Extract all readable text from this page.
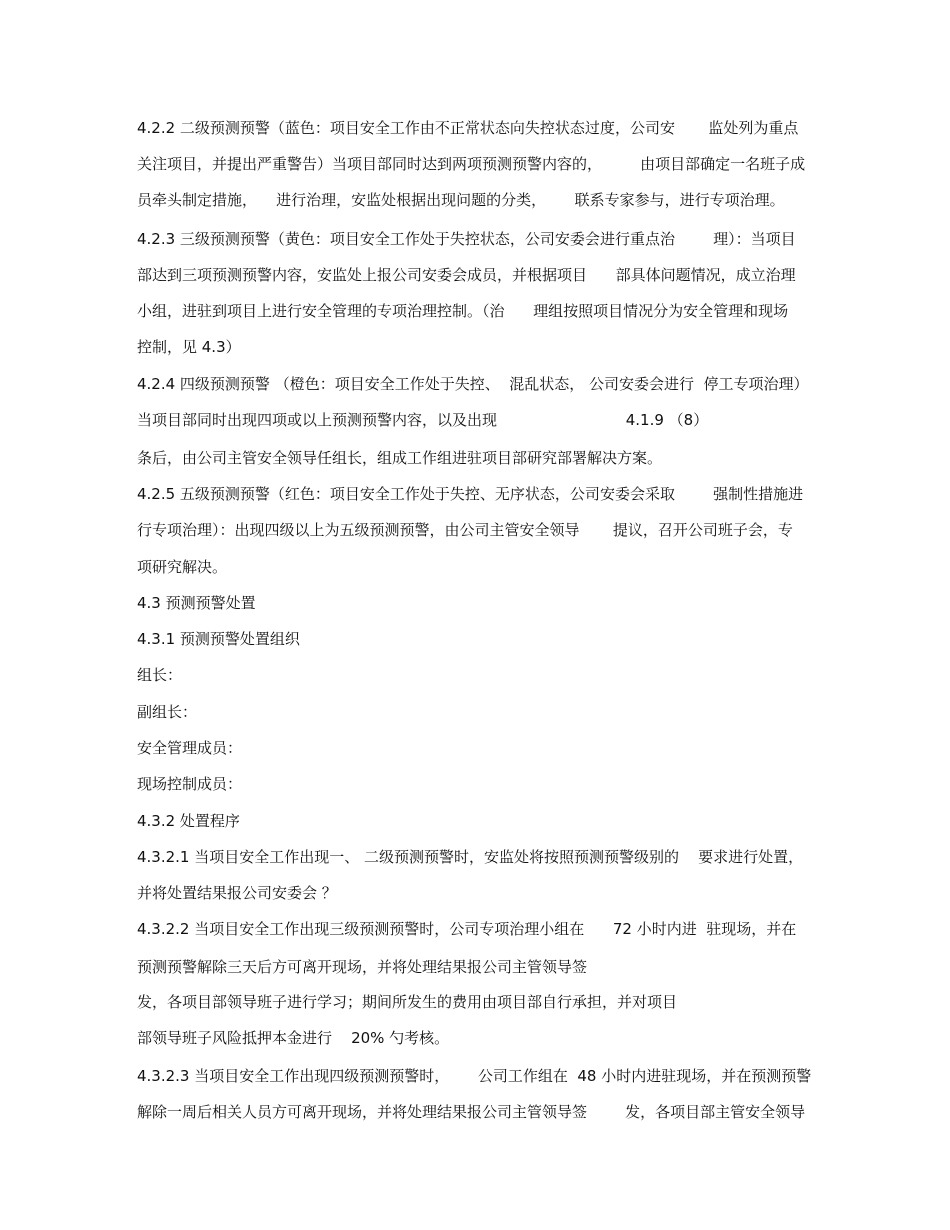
4.2.2 二级预测预警（蓝色：项目安全工作由不正常状态向失控状态过度，公司安       监处列为重点
关注项目，并提出严重警告）当项目部同时达到两项预测预警内容的，        由项目部确定一名班子成
员牵头制定措施，    进行治理，安监处根据出现问题的分类，      联系专家参与，进行专项治理。
4.2.3 三级预测预警（黄色：项目安全工作处于失控状态，公司安委会进行重点治        理）：当项目
部达到三项预测预警内容，安监处上报公司安委会成员，并根据项目      部具体问题情况，成立治理
小组，进驻到项目上进行安全管理的专项治理控制。（治      理组按照项目情况分为安全管理和现场
控制，见 4.3）
4.2.4 四级预测预警 （橙色：项目安全工作处于失控、  混乱状态， 公司安委会进行  停工专项治理）
当项目部同时出现四项或以上预测预警内容，以及出现                           4.1.9 （8）
条后，由公司主管安全领导任组长，组成工作组进驻项目部研究部署解决方案。
4.2.5 五级预测预警（红色：项目安全工作处于失控、无序状态，公司安委会采取        强制性措施进
行专项治理）：出现四级以上为五级预测预警，由公司主管安全领导       提议，召开公司班子会，专
项研究解决。
4.3 预测预警处置
4.3.1 预测预警处置组织
组长：
副组长：
安全管理成员：
现场控制成员：
4.3.2 处置程序
4.3.2.1 当项目安全工作出现一、 二级预测预警时，安监处将按照预测预警级别的    要求进行处置，
并将处置结果报公司安委会 ？
4.3.2.2 当项目安全工作出现三级预测预警时，公司专项治理小组在      72 小时内进  驻现场，并在
预测预警解除三天后方可离开现场，并将处理结果报公司主管领导签
发，各项目部领导班子进行学习；期间所发生的费用由项目部自行承担，并对项目
部领导班子风险抵押本金进行    20% 勺考核。
4.3.2.3 当项目安全工作出现四级预测预警时，      公司工作组在  48 小时内进驻现场，并在预测预警
解除一周后相关人员方可离开现场，并将处理结果报公司主管领导签        发，各项目部主管安全领导
